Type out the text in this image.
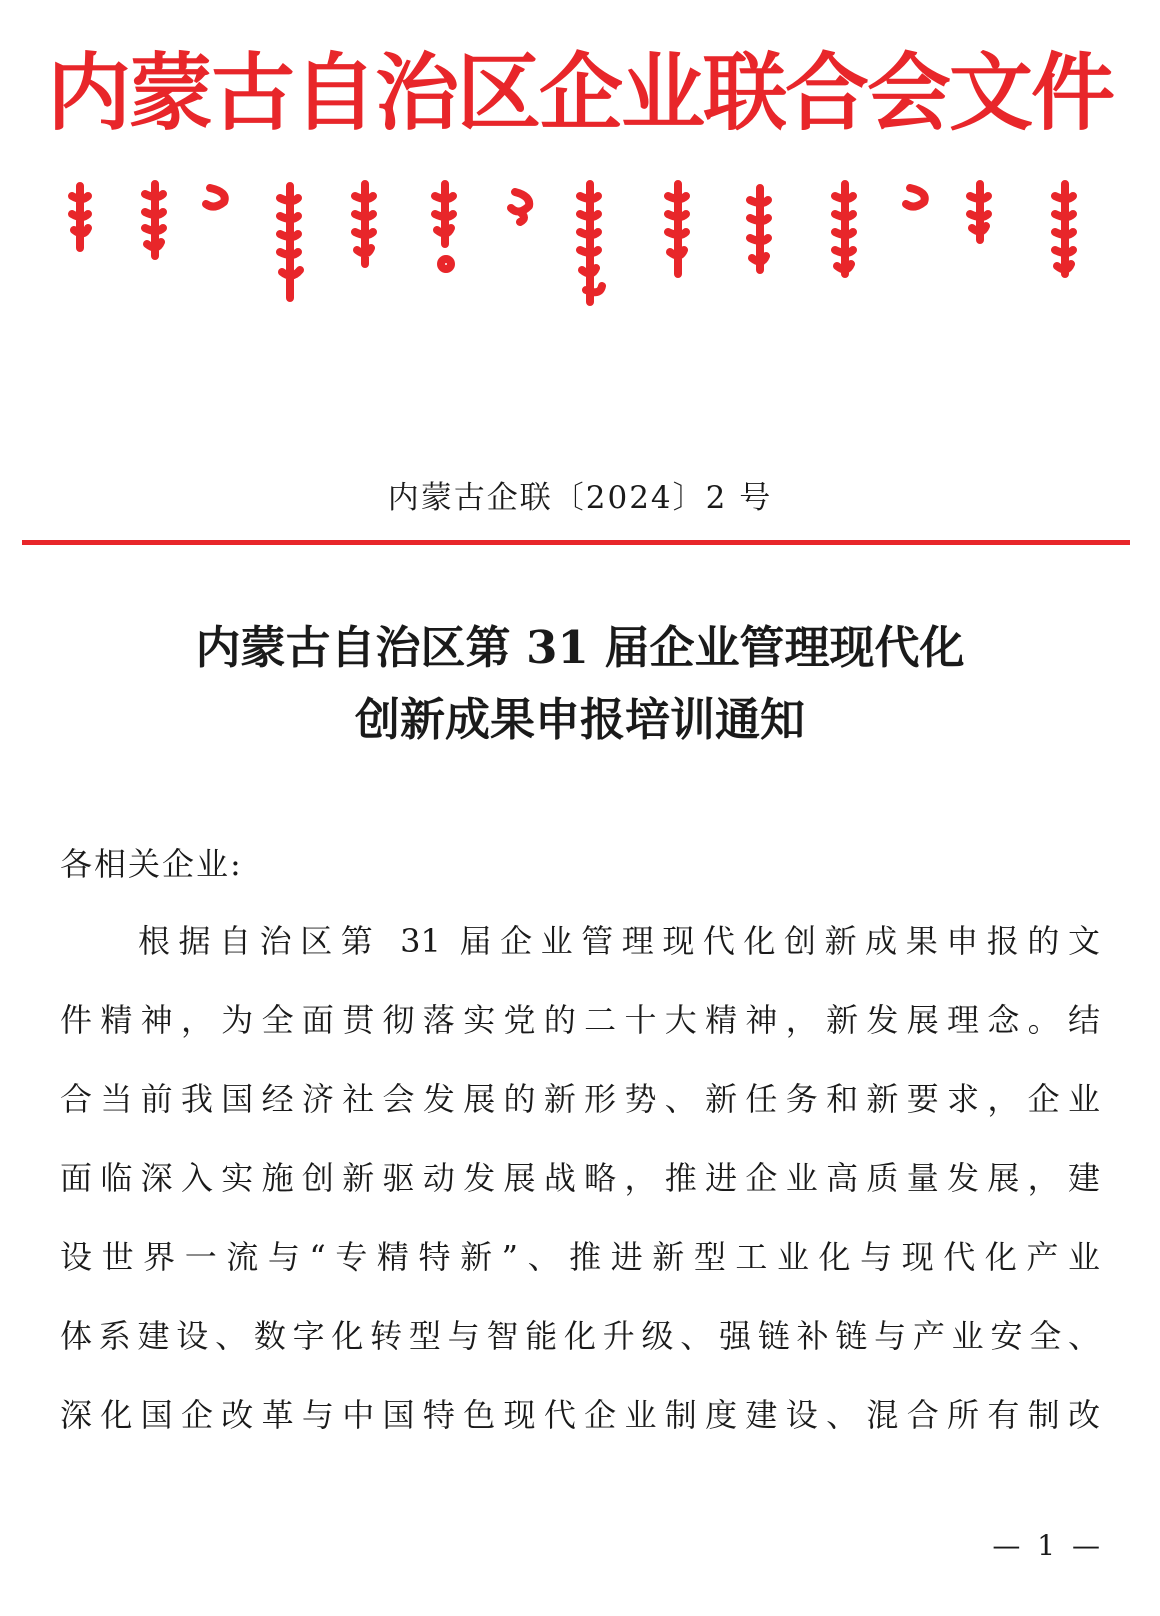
内蒙古自治区企业联合会文件
内蒙古企联〔2024〕2 号
内蒙古自治区第 31 届企业管理现代化
创新成果申报培训通知
各相关企业:
根据自治区第 31 届企业管理现代化创新成果申报的文
件精神，为全面贯彻落实党的二十大精神，新发展理念。结
合当前我国经济社会发展的新形势、新任务和新要求，企业
面临深入实施创新驱动发展战略，推进企业高质量发展，建
设世界一流与“专精特新”、推进新型工业化与现代化产业
体系建设、数字化转型与智能化升级、强链补链与产业安全、
深化国企改革与中国特色现代企业制度建设、混合所有制改
— 1 —
